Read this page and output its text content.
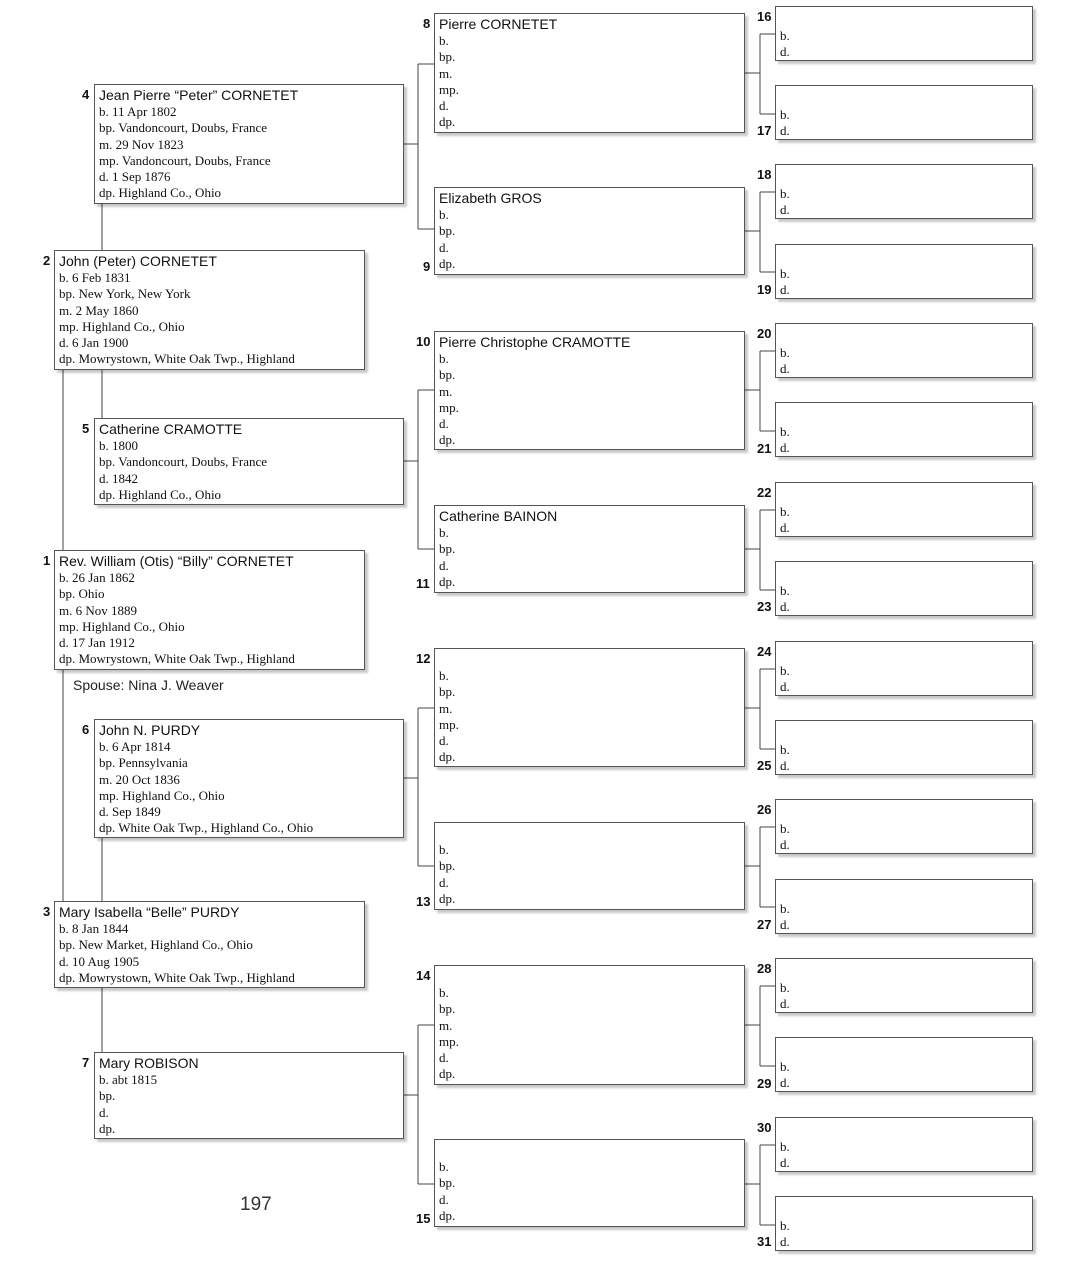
1 Rev. William (Otis) “Billy” CORNETET
b. 26 Jan 1862
bp. Ohio
m. 6 Nov 1889
mp. Highland Co., Ohio
d. 17 Jan 1912
dp. Mowrystown, White Oak Twp., Highland
Spouse: Nina J. Weaver
2 John (Peter) CORNETET
b. 6 Feb 1831
bp. New York, New York
m. 2 May 1860
mp. Highland Co., Ohio
d. 6 Jan 1900
dp. Mowrystown, White Oak Twp., Highland
3 Mary Isabella “Belle” PURDY
b. 8 Jan 1844
bp. New Market, Highland Co., Ohio
d. 10 Aug 1905
dp. Mowrystown, White Oak Twp., Highland
4 Jean Pierre “Peter” CORNETET
b. 11 Apr 1802
bp. Vandoncourt, Doubs, France
m. 29 Nov 1823
mp. Vandoncourt, Doubs, France
d. 1 Sep 1876
dp. Highland Co., Ohio
5 Catherine CRAMOTTE
b. 1800
bp. Vandoncourt, Doubs, France
d. 1842
dp. Highland Co., Ohio
6 John N. PURDY
b. 6 Apr 1814
bp. Pennsylvania
m. 20 Oct 1836
mp. Highland Co., Ohio
d. Sep 1849
dp. White Oak Twp., Highland Co., Ohio
7 Mary ROBISON
b. abt 1815
bp.
d.
dp.
8 Pierre CORNETET
b.
bp.
m.
mp.
d.
dp.
9
Elizabeth GROS
b.
bp.
d.
dp.
10 Pierre Christophe CRAMOTTE
b.
bp.
m.
mp.
d.
dp.
11
Catherine BAINON
b.
bp.
d.
dp.
12
b.
bp.
m.
mp.
d.
dp.
13
b.
bp.
d.
dp.
14
b.
bp.
m.
mp.
d.
dp.
15
b.
bp.
d.
dp.
16
b.
d.
17
b.
d.
18
b.
d.
19
b.
d.
20
b.
d.
21
b.
d.
22
b.
d.
23
b.
d.
24
b.
d.
25
b.
d.
26
b.
d.
27
b.
d.
28
b.
d.
29
b.
d.
30
b.
d.
31
b.
d.
197
